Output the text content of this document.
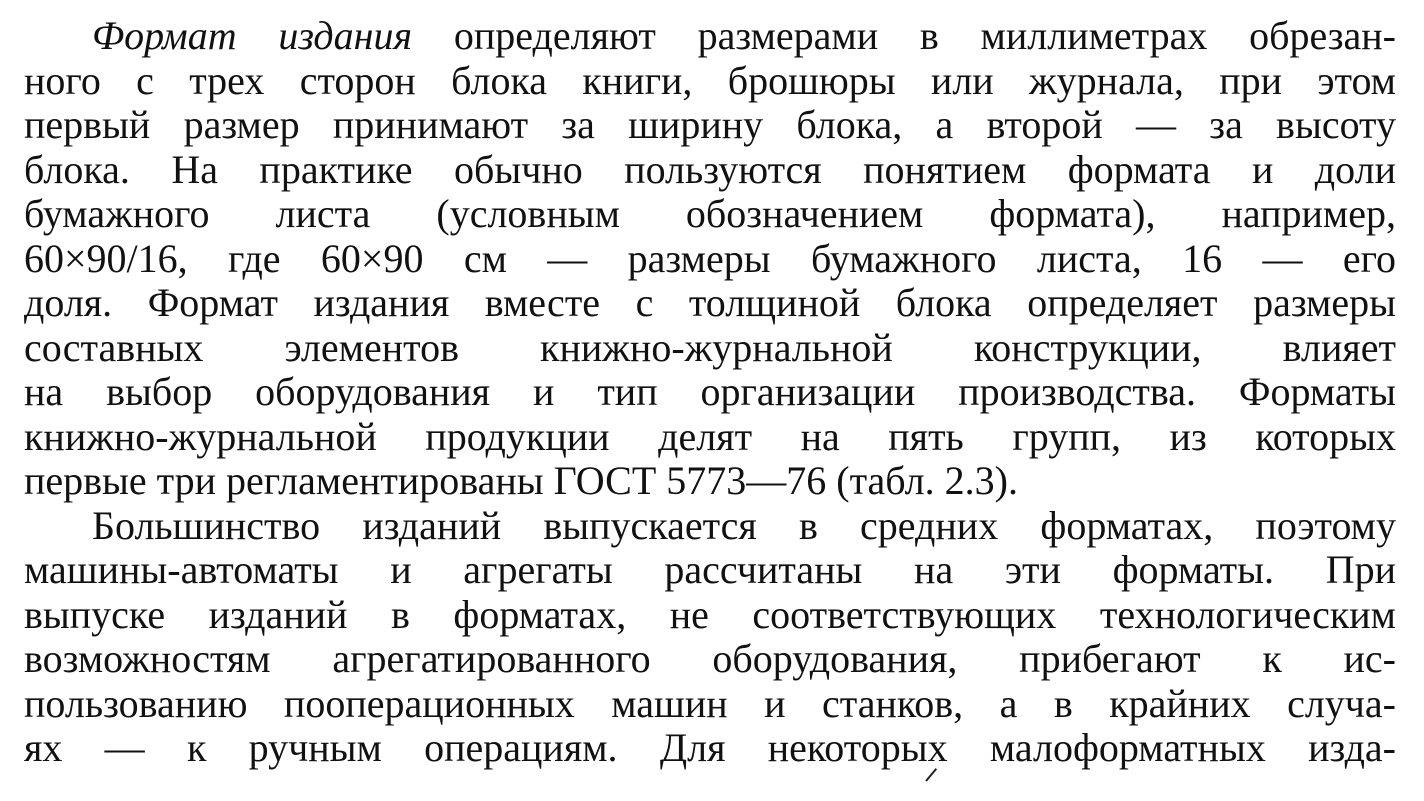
Формат издания определяют размерами в миллиметрах обрезан-
ного с трех сторон блока книги, брошюры или журнала, при этом
первый размер принимают за ширину блока, а второй — за высоту
блока. На практике обычно пользуются понятием формата и доли
бумажного листа (условным обозначением формата), например,
60×90/16, где 60×90 см — размеры бумажного листа, 16 — его
доля. Формат издания вместе с толщиной блока определяет размеры
составных элементов книжно-журнальной конструкции, влияет
на выбор оборудования и тип организации производства. Форматы
книжно-журнальной продукции делят на пять групп, из которых
первые три регламентированы ГОСТ 5773—76 (табл. 2.3).
Большинство изданий выпускается в средних форматах, поэтому
машины-автоматы и агрегаты рассчитаны на эти форматы. При
выпуске изданий в форматах, не соответствующих технологическим
возможностям агрегатированного оборудования, прибегают к ис-
пользованию пооперационных машин и станков, а в крайних случа-
ях — к ручным операциям. Для некоторых малоформатных изда-
